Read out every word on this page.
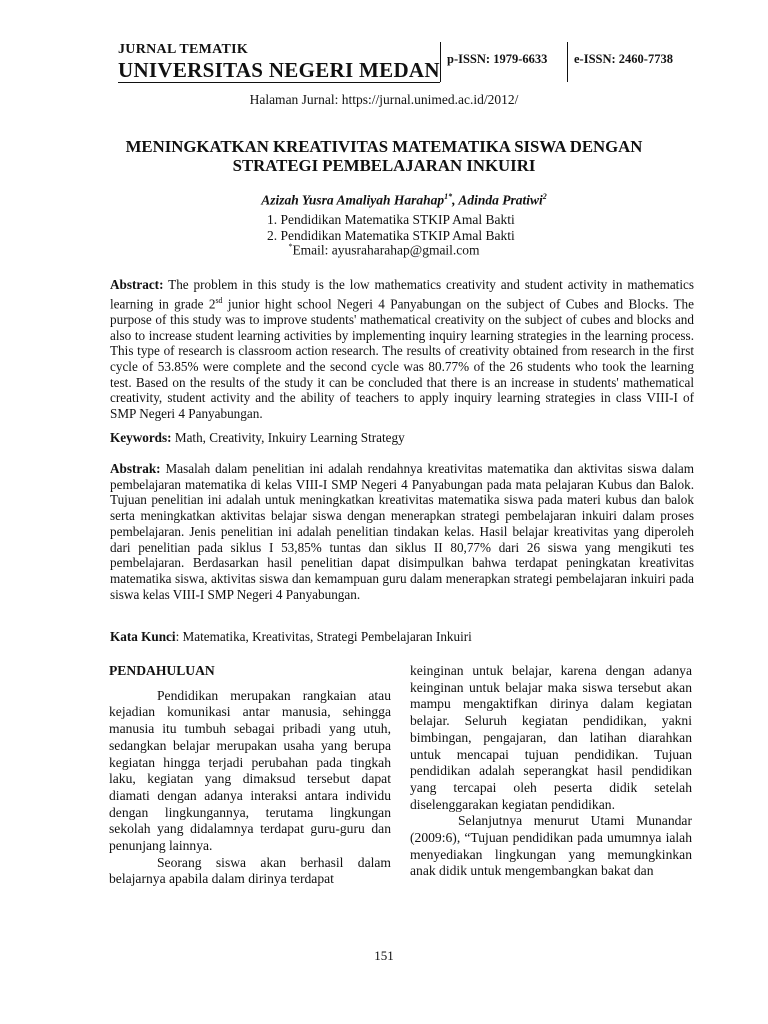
JURNAL TEMATIK
UNIVERSITAS NEGERI MEDAN p-ISSN: 1979-6633 e-ISSN: 2460-7738
Halaman Jurnal: https://jurnal.unimed.ac.id/2012/
MENINGKATKAN KREATIVITAS MATEMATIKA SISWA DENGAN
STRATEGI PEMBELAJARAN INKUIRI
Azizah Yusra Amaliyah Harahap$^{1*}$, Adinda Pratiwi$^2$
1. Pendidikan Matematika STKIP Amal Bakti
2. Pendidikan Matematika STKIP Amal Bakti
*Email: ayusraharahap@gmail.com
Abstract: The problem in this study is the low mathematics creativity and student activity in mathematics learning in grade $2^{sd}$ junior hight school Negeri 4 Panyabungan on the subject of Cubes and Blocks. The purpose of this study was to improve students' mathematical creativity on the subject of cubes and blocks and also to increase student learning activities by implementing inquiry learning strategies in the learning process. This type of research is classroom action research. The results of creativity obtained from research in the first cycle of 53.85% were complete and the second cycle was 80.77% of the 26 students who took the learning test. Based on the results of the study it can be concluded that there is an increase in students' mathematical creativity, student activity and the ability of teachers to apply inquiry learning strategies in class VIII-I of SMP Negeri 4 Panyabungan.
Keywords: Math, Creativity, Inkuiry Learning Strategy
Abstrak: Masalah dalam penelitian ini adalah rendahnya kreativitas matematika dan aktivitas siswa dalam pembelajaran matematika di kelas VIII-I SMP Negeri 4 Panyabungan pada mata pelajaran Kubus dan Balok. Tujuan penelitian ini adalah untuk meningkatkan kreativitas matematika siswa pada materi kubus dan balok serta meningkatkan aktivitas belajar siswa dengan menerapkan strategi pembelajaran inkuiri dalam proses pembelajaran. Jenis penelitian ini adalah penelitian tindakan kelas. Hasil belajar kreativitas yang diperoleh dari penelitian pada siklus I 53,85% tuntas dan siklus II 80,77% dari 26 siswa yang mengikuti tes pembelajaran. Berdasarkan hasil penelitian dapat disimpulkan bahwa terdapat peningkatan kreativitas matematika siswa, aktivitas siswa dan kemampuan guru dalam menerapkan strategi pembelajaran inkuiri pada siswa kelas VIII-I SMP Negeri 4 Panyabungan.
Kata Kunci: Matematika, Kreativitas, Strategi Pembelajaran Inkuiri
PENDAHULUAN

Pendidikan merupakan rangkaian atau kejadian komunikasi antar manusia, sehingga manusia itu tumbuh sebagai pribadi yang utuh, sedangkan belajar merupakan usaha yang berupa kegiatan hingga terjadi perubahan pada tingkah laku, kegiatan yang dimaksud tersebut dapat diamati dengan adanya interaksi antara individu dengan lingkungannya, terutama lingkungan sekolah yang didalamnya terdapat guru-guru dan penunjang lainnya.

Seorang siswa akan berhasil dalam belajarnya apabila dalam dirinya terdapat

keinginan untuk belajar, karena dengan adanya keinginan untuk belajar maka siswa tersebut akan mampu mengaktifkan dirinya dalam kegiatan belajar. Seluruh kegiatan pendidikan, yakni bimbingan, pengajaran, dan latihan diarahkan untuk mencapai tujuan pendidikan. Tujuan pendidikan adalah seperangkat hasil pendidikan yang tercapai oleh peserta didik setelah diselenggarakan kegiatan pendidikan.

Selanjutnya menurut Utami Munandar (2009:6), “Tujuan pendidikan pada umumnya ialah menyediakan lingkungan yang memungkinkan anak didik untuk mengembangkan bakat dan

151
